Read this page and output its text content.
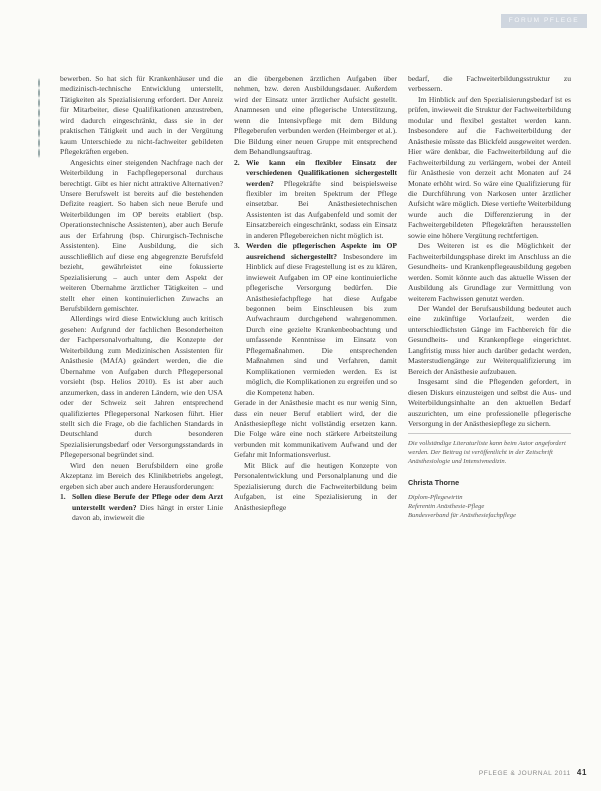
FORUM PFLEGE

bewerben. So hat sich für Krankenhäuser und die medizinisch-technische Entwicklung unterstellt, Tätigkeiten als Spezialisierung erfordert. Der Anreiz für Mitarbeiter, diese Qualifikationen anzustreben, wird dadurch eingeschränkt, dass sie in der praktischen Tätigkeit und auch in der Vergütung kaum Unterschiede zu nicht-fachweiter gebildeten Pflegekräften ergeben.

Angesichts einer steigenden Nachfrage nach der Weiterbildung in Fachpflegepersonal durchaus berechtigt. Gibt es hier nicht attraktive Alternativen? Unsere Berufswelt ist bereits auf die bestehenden Defizite reagiert. So haben sich neue Berufe und Weiterbildungen im OP bereits etabliert (bsp. Operationstechnische Assistenten), aber auch Berufe aus der Erfahrung (bsp. Chirurgisch-Technische Assistenten). Eine Ausbildung, die sich ausschließlich auf diese eng abgegrenzte Berufsfeld bezieht, gewährleistet eine fokussierte Spezialisierung – auch unter dem Aspekt der weiteren Übernahme ärztlicher Tätigkeiten – und stellt eher einen kontinuierlichen Zuwachs an Berufsbildern gemischter.

Allerdings wird diese Entwicklung auch kritisch gesehen: Aufgrund der fachlichen Besonderheiten der Fachpersonalvorhaltung, die Konzepte der Weiterbildung zum Medizinischen Assistenten für Anästhesie (MAfA) geändert werden, die die Übernahme von Aufgaben durch Pflegepersonal vorsieht (bsp. Helios 2010). Es ist aber auch anzumerken, dass in anderen Ländern, wie den USA oder der Schweiz seit Jahren entsprechend qualifiziertes Pflegepersonal Narkosen führt. Hier stellt sich die Frage, ob die fachlichen Standards in Deutschland durch besonderen Spezialisierungsbedarf oder Versorgungsstandards in Pflegepersonal begründet sind.

Wird den neuen Berufsbildern eine große Akzeptanz im Bereich des Klinikbetriebs angelegt, ergeben sich aber auch andere Herausforderungen:

1. Sollen diese Berufe der Pflege oder dem Arzt unterstellt werden? Dies hängt in erster Linie davon ab, inwieweit die

an die übergebenen ärztlichen Aufgaben über nehmen, bzw. deren Ausbildungsdauer. Außerdem wird der Einsatz unter ärztlicher Aufsicht gestellt. Anamnesen und eine pflegerische Unterstützung, wenn die Intensivpflege mit dem Bildung Pflegeberufen verbunden werden (Heimberger et al.). Die Bildung einer neuen Gruppe mit entsprechend dem Behandlungsauftrag.

2. Wie kann ein flexibler Einsatz der verschiedenen Qualifikationen sichergestellt werden? Pflegekräfte sind beispielsweise flexibler im breiten Spektrum der Pflege einsetzbar. Bei Anästhesietechnischen Assistenten ist das Aufgabenfeld und somit der Einsatzbereich eingeschränkt, sodass ein Einsatz in anderen Pflegebereichen nicht möglich ist.
3. Werden die pflegerischen Aspekte im OP ausreichend sichergestellt? Insbesondere im Hinblick auf diese Fragestellung ist es zu klären, inwieweit Aufgaben im OP eine kontinuierliche pflegerische Versorgung bedürfen. Die Anästhesiefachpflege hat diese Aufgabe begonnen beim Einschleusen bis zum Aufwachraum durchgehend wahrgenommen. Durch eine gezielte Krankenbeobachtung und umfassende Kenntnisse im Einsatz von Pflegemaßnahmen. Die entsprechenden Maßnahmen sind und Verfahren, damit Komplikationen vermieden werden. Es ist möglich, die Komplikationen zu ergreifen und so die Kompetenz haben.

Gerade in der Anästhesie macht es nur wenig Sinn, dass ein neuer Beruf etabliert wird, der die Anästhesiepflege nicht vollständig ersetzen kann. Die Folge wäre eine noch stärkere Arbeitsteilung verbunden mit kommunikativem Aufwand und der Gefahr mit Informationsverlust.

Mit Blick auf die heutigen Konzepte von Personalentwicklung und Personalplanung und die Spezialisierung durch die Fachweiterbildung beim Aufgaben, ist eine Spezialisierung in der Anästhesiepflege

bedarf, die Fachweiterbildungsstruktur zu verbessern.

Im Hinblick auf den Spezialisierungsbedarf ist es prüfen, inwieweit die Struktur der Fachweiterbildung modular und flexibel gestaltet werden kann. Insbesondere auf die Fachweiterbildung der Anästhesie müsste das Blickfeld ausgeweitet werden. Hier wäre denkbar, die Fachweiterbildung auf die Fachweiterbildung zu verlängern, wobei der Anteil für Anästhesie von derzeit acht Monaten auf 24 Monate erhöht wird. So wäre eine Qualifizierung für die Durchführung von Narkosen unter ärztlicher Aufsicht wäre möglich. Diese vertiefte Weiterbildung wurde auch die Differenzierung in der Fachweitergebildeten Pflegekräften herausstellen sowie eine höhere Vergütung rechtfertigen.

Des Weiteren ist es die Möglichkeit der Fachweiterbildungsphase direkt im Anschluss an die Gesundheits- und Krankenpflegeausbildung gegeben werden. Somit könnte auch das aktuelle Wissen der Ausbildung als Grundlage zur Vermittlung von weiterem Fachwissen genutzt werden.

Der Wandel der Berufsausbildung bedeutet auch eine zukünftige Vorlaufzeit, werden die unterschiedlichsten Gänge im Fachbereich für die Gesundheits- und Krankenpflege eingerichtet. Langfristig muss hier auch darüber gedacht werden, Masterstudiengänge zur Weiterqualifizierung im Bereich der Anästhesie aufzubauen.

Insgesamt sind die Pflegenden gefordert, in diesen Diskurs einzusteigen und selbst die Aus- und Weiterbildungsinhalte an den aktuellen Bedarf auszurichten, um eine professionelle pflegerische Versorgung in der Anästhesiepflege zu sichern.

Die vollständige Literaturliste kann beim Autor angefordert werden. Der Beitrag ist veröffentlicht in der Zeitschrift Anästhesiologie und Intensivmedizin.
Christa Thorne
Diplom-Pflegewirtin
Referentin Anästhesie-Pflege
Bundesverband für Anästhesiefachpflege
PFLEGE & JOURNAL 2011 41
